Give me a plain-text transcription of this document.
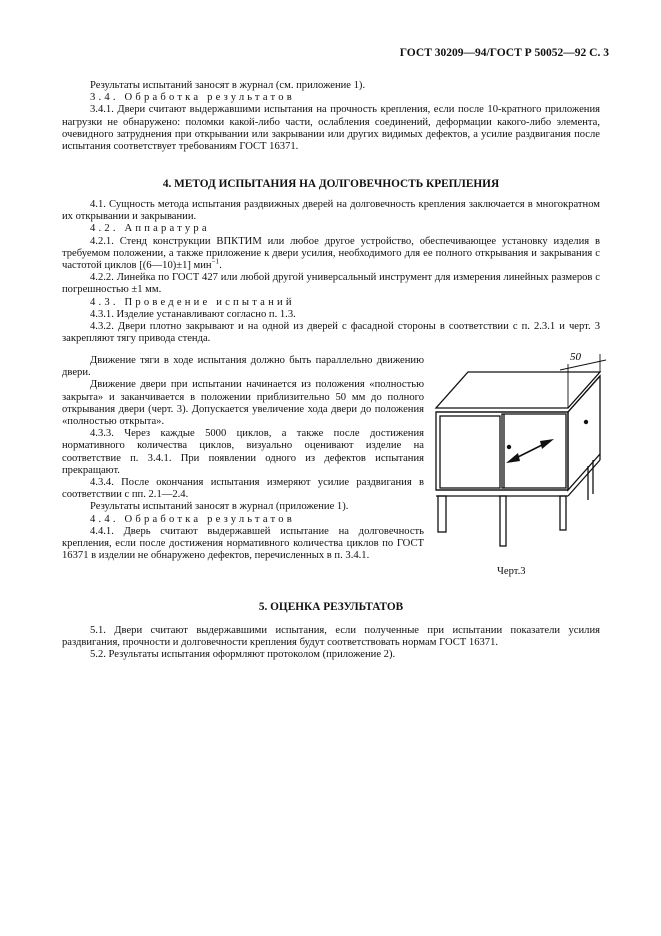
ГОСТ 30209—94/ГОСТ Р 50052—92 С. 3

Результаты испытаний заносят в журнал (см. приложение 1).

3.4. Обработка результатов

3.4.1. Двери считают выдержавшими испытания на прочность крепления, если после 10-кратного приложения нагрузки не обнаружено: поломки какой-либо части, ослабления соединений, деформации какого-либо элемента, очевидного затруднения при открывании или закрывании или других видимых дефектов, а усилие раздвигания после испытания соответствует требованиям ГОСТ 16371.

4. МЕТОД ИСПЫТАНИЯ НА ДОЛГОВЕЧНОСТЬ КРЕПЛЕНИЯ

4.1. Сущность метода испытания раздвижных дверей на долговечность крепления заключается в многократном их открывании и закрывании.

4.2. Аппаратура

4.2.1. Стенд конструкции ВПКТИМ или любое другое устройство, обеспечивающее установку изделия в требуемом положении, а также приложение к двери усилия, необходимого для ее полного открывания и закрывания с частотой циклов [(6—10)±1] мин$^{-1}$.

4.2.2. Линейка по ГОСТ 427 или любой другой универсальный инструмент для измерения линейных размеров с погрешностью ±1 мм.

4.3. Проведение испытаний

4.3.1. Изделие устанавливают согласно п. 1.3.

4.3.2. Двери плотно закрывают и на одной из дверей с фасадной стороны в соответствии с п. 2.3.1 и черт. 3 закрепляют тягу привода стенда.

Движение тяги в ходе испытания должно быть параллельно движению двери.

Движение двери при испытании начинается из положения «полностью закрыта» и заканчивается в положении приблизительно 50 мм до полного открывания двери (черт. 3). Допускается увеличение хода двери до положения «полностью открыта».

4.3.3. Через каждые 5000 циклов, а также после достижения нормативного количества циклов, визуально оценивают изделие на соответствие п. 3.4.1. При появлении одного из дефектов испытания прекращают.

4.3.4. После окончания испытания измеряют усилие раздвигания в соответствии с пп. 2.1—2.4.

Результаты испытаний заносят в журнал (приложение 1).

4.4. Обработка результатов

4.4.1. Дверь считают выдержавшей испытание на долговечность крепления, если после достижения нормативного количества циклов по ГОСТ 16371 в изделии не обнаружено дефектов, перечисленных в п. 3.4.1.

50
Черт.3

5. ОЦЕНКА РЕЗУЛЬТАТОВ

5.1. Двери считают выдержавшими испытания, если полученные при испытании показатели усилия раздвигания, прочности и долговечности крепления будут соответствовать нормам ГОСТ 16371.

5.2. Результаты испытания оформляют протоколом (приложение 2).
